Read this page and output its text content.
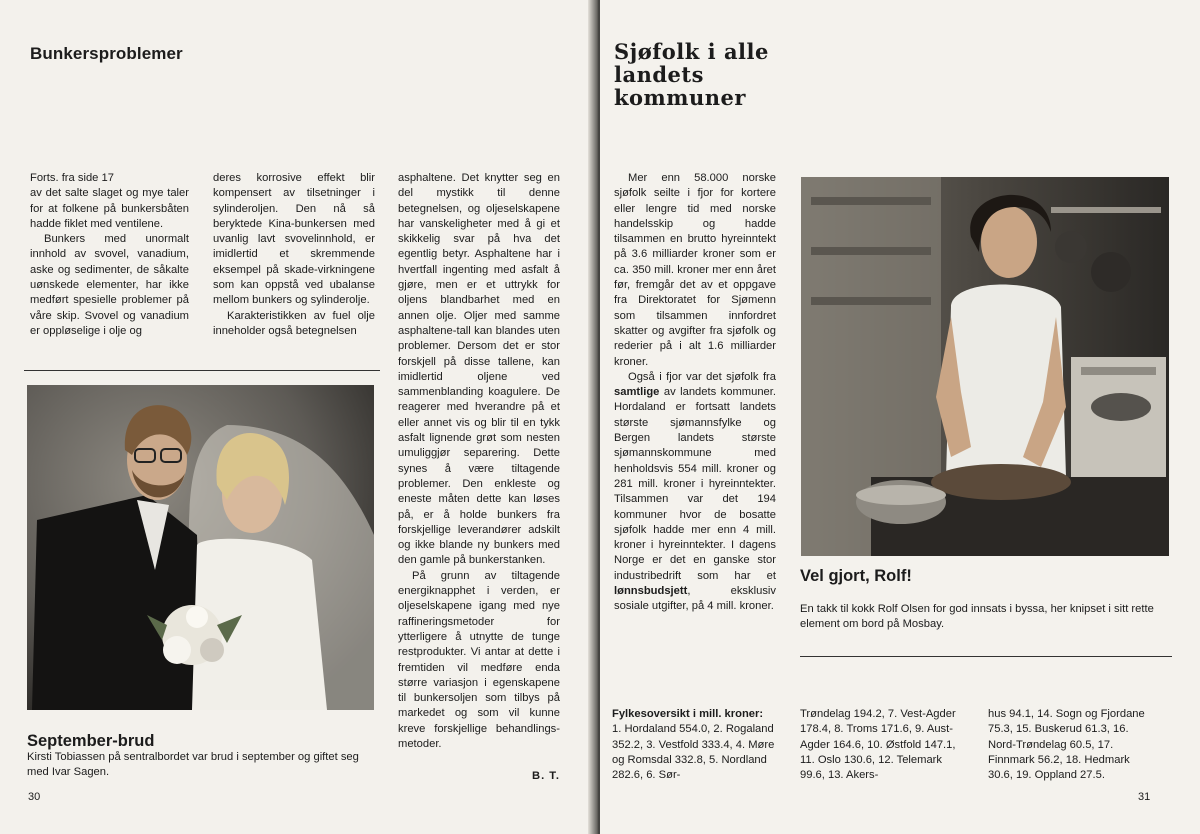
Bunkersproblemer

Forts. fra side 17

av det salte slaget og mye taler for at folkene på bunkersbåten hadde fiklet med ventilene.

Bunkers med unormalt innhold av svovel, vanadium, aske og sedimenter, de såkalte uønskede elementer, har ikke medført spesielle problemer på våre skip. Svovel og vanadium er oppløselige i olje og

deres korrosive effekt blir kompensert av tilsetninger i sylinderoljen. Den nå så beryktede Kina-bunkersen med uvanlig lavt svovelinnhold, er imidlertid et skremmende eksempel på skade-virkningene som kan oppstå ved ubalanse mellom bunkers og sylinderolje.

Karakteristikken av fuel olje inneholder også betegnelsen

asphaltene. Det knytter seg en del mystikk til denne betegnelsen, og oljeselskapene har vanskeligheter med å gi et skikkelig svar på hva det egentlig betyr. Asphaltene har i hvertfall ingenting med asfalt å gjøre, men er et uttrykk for oljens blandbarhet med en annen olje. Oljer med samme asphaltene-tall kan blandes uten problemer. Dersom det er stor forskjell på disse tallene, kan imidlertid oljene ved sammenblanding koagulere. De reagerer med hverandre på et eller annet vis og blir til en tykk asfalt lignende grøt som nesten umuliggjør separering. Dette synes å være tiltagende problemer. Den enkleste og eneste måten dette kan løses på, er å holde bunkers fra forskjellige leverandører adskilt og ikke blande ny bunkers med den gamle på bunkerstanken.

På grunn av tiltagende energiknapphet i verden, er oljeselskapene igang med nye raffineringsmetoder for ytterligere å utnytte de tunge restprodukter. Vi antar at dette i fremtiden vil medføre enda større variasjon i egenskapene til bunkersoljen som tilbys på markedet og som vil kunne kreve forskjellige behandlings-metoder.

September-brud
Kirsti Tobiassen på sentralbordet var brud i september og giftet seg med Ivar Sagen.	B. T.
30
Sjøfolk i alle landets kommuner

Mer enn 58.000 norske sjøfolk seilte i fjor for kortere eller lengre tid med norske handelsskip og hadde tilsammen en brutto hyreinntekt på 3.6 milliarder kroner som er ca. 350 mill. kroner mer enn året før, fremgår det av et oppgave fra Direktoratet for Sjømenn som tilsammen innfordret skatter og avgifter fra sjøfolk og rederier på i alt 1.6 milliarder kroner.

Også i fjor var det sjøfolk fra samtlige av landets kommuner. Hordaland er fortsatt landets største sjømannsfylke og Bergen landets største sjømannskommune med henholdsvis 554 mill. kroner og 281 mill. kroner i hyreinntekter. Tilsammen var det 194 kommuner hvor de bosatte sjøfolk hadde mer enn 4 mill. kroner i hyreinntekter. I dagens Norge er det en ganske stor industribedrift som har et lønnsbudsjett, eksklusiv sosiale utgifter, på 4 mill. kroner.

Vel gjort, Rolf!
En takk til kokk Rolf Olsen for god innsats i byssa, her knipset i sitt rette element om bord på Mosbay.
Fylkesoversikt i mill. kroner:
1. Hordaland 554.0, 2. Rogaland 352.2, 3. Vestfold 333.4, 4. Møre og Romsdal 332.8, 5. Nordland 282.6, 6. Sør-
Trøndelag 194.2, 7. Vest-Agder 178.4, 8. Troms 171.6, 9. Aust-Agder 164.6, 10. Østfold 147.1, 11. Oslo 130.6, 12. Telemark 99.6, 13. Akers-
hus 94.1, 14. Sogn og Fjordane 75.3, 15. Buskerud 61.3, 16. Nord-Trøndelag 60.5, 17. Finnmark 56.2, 18. Hedmark 30.6, 19. Oppland 27.5.
31
